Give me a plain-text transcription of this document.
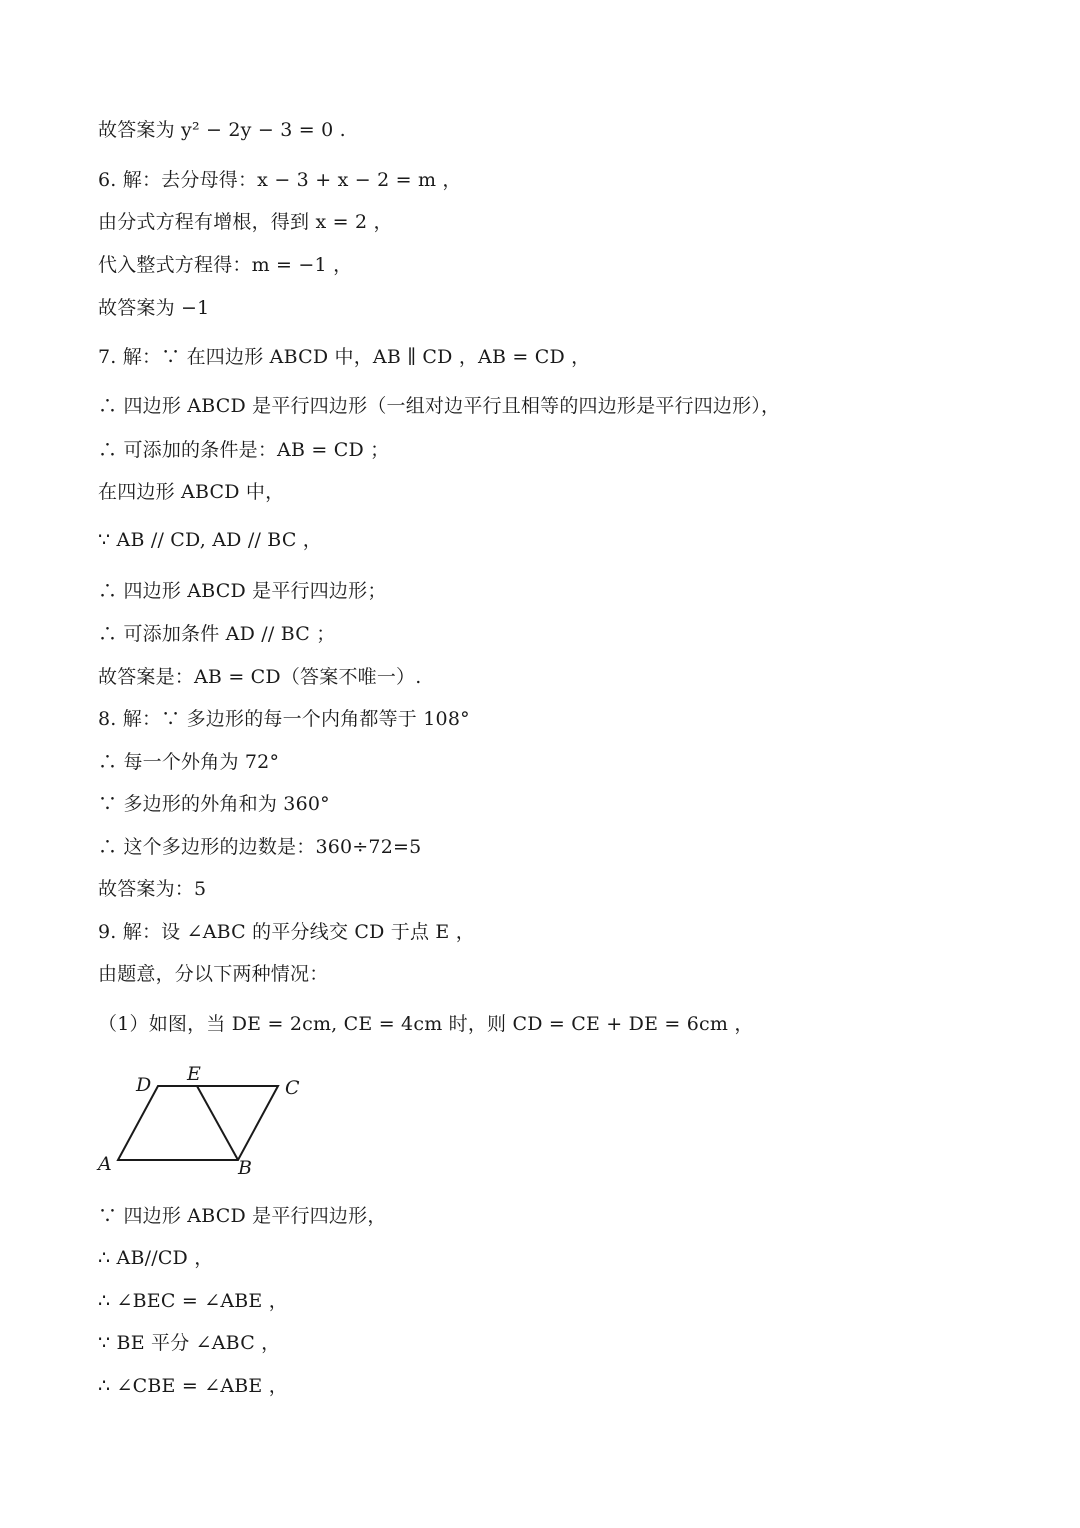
故答案为 y² − 2y − 3 = 0 .
6. 解：去分母得：x − 3 + x − 2 = m ，
由分式方程有增根，得到 x = 2 ，
代入整式方程得：m = −1 ，
故答案为 −1
7. 解：∵ 在四边形 ABCD 中，AB ∥ CD ，AB = CD ，
∴ 四边形 ABCD 是平行四边形（一组对边平行且相等的四边形是平行四边形），
∴ 可添加的条件是：AB = CD ；
在四边形 ABCD 中，
∵ AB // CD, AD // BC ，
∴ 四边形 ABCD 是平行四边形；
∴ 可添加条件 AD // BC ；
故答案是：AB = CD（答案不唯一）.
8. 解：∵ 多边形的每一个内角都等于 108°
∴ 每一个外角为 72°
∵ 多边形的外角和为 360°
∴ 这个多边形的边数是：360÷72=5
故答案为：5
9. 解：设 ∠ABC 的平分线交 CD 于点 E ，
由题意，分以下两种情况：
（1）如图，当 DE = 2cm, CE = 4cm 时，则 CD = CE + DE = 6cm ，
A	B
C
D E
∵ 四边形 ABCD 是平行四边形，
∴ AB//CD ，
∴ ∠BEC = ∠ABE ，
∵ BE 平分 ∠ABC ，
∴ ∠CBE = ∠ABE ，
